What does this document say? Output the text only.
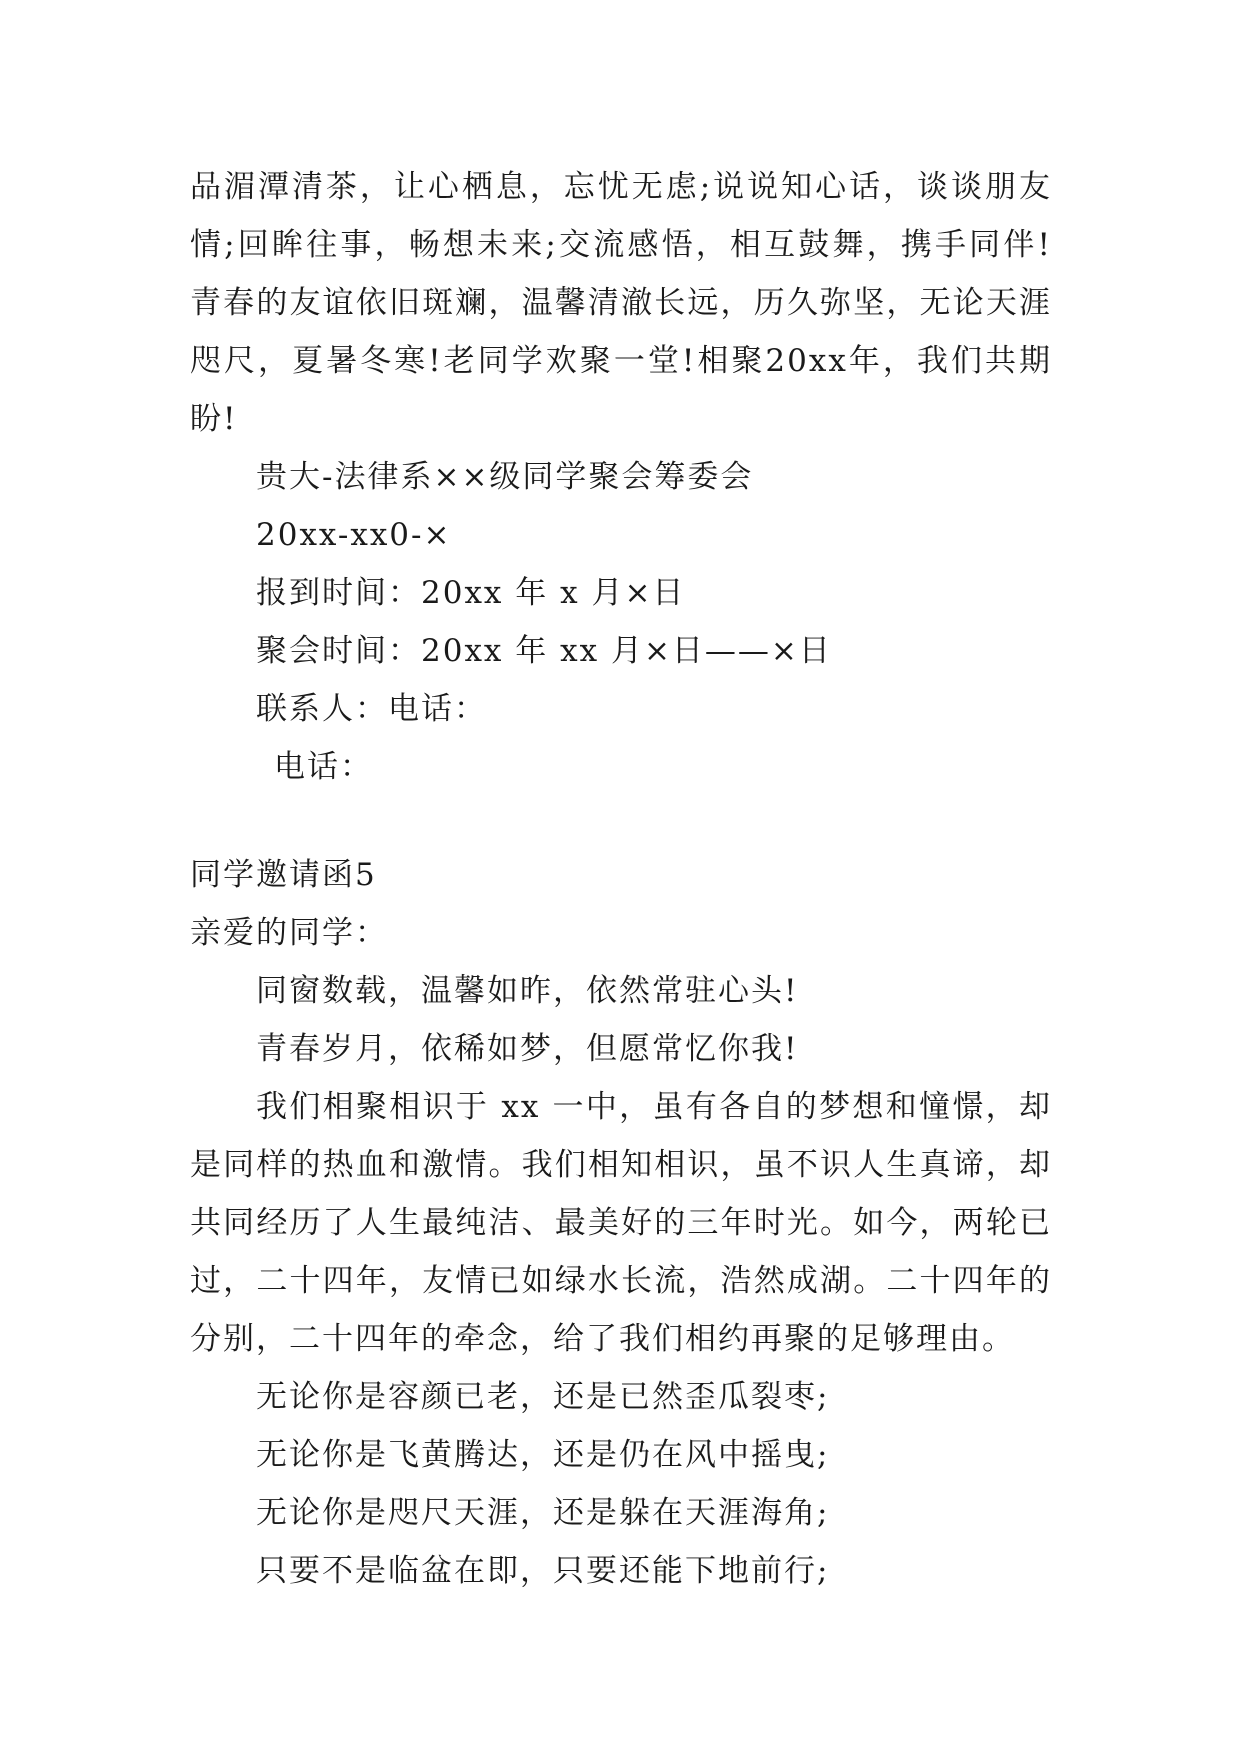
品湄潭清茶，让心栖息，忘忧无虑;说说知心话，谈谈朋友情;回眸往事，畅想未来;交流感悟，相互鼓舞，携手同伴!青春的友谊依旧斑斓，温馨清澈长远，历久弥坚，无论天涯咫尺，夏暑冬寒!老同学欢聚一堂!相聚20xx年，我们共期盼!

贵大-法律系××级同学聚会筹委会

20xx-xx0-×

报到时间：20xx 年 x 月×日

聚会时间：20xx 年 xx 月×日——×日

联系人：电话：

电话：

同学邀请函5

亲爱的同学：

同窗数载，温馨如昨，依然常驻心头!

青春岁月，依稀如梦，但愿常忆你我!

我们相聚相识于 xx 一中，虽有各自的梦想和憧憬，却是同样的热血和激情。我们相知相识，虽不识人生真谛，却共同经历了人生最纯洁、最美好的三年时光。如今，两轮已过，二十四年，友情已如绿水长流，浩然成湖。二十四年的分别，二十四年的牵念，给了我们相约再聚的足够理由。

无论你是容颜已老，还是已然歪瓜裂枣;

无论你是飞黄腾达，还是仍在风中摇曳;

无论你是咫尺天涯，还是躲在天涯海角;

只要不是临盆在即，只要还能下地前行;
